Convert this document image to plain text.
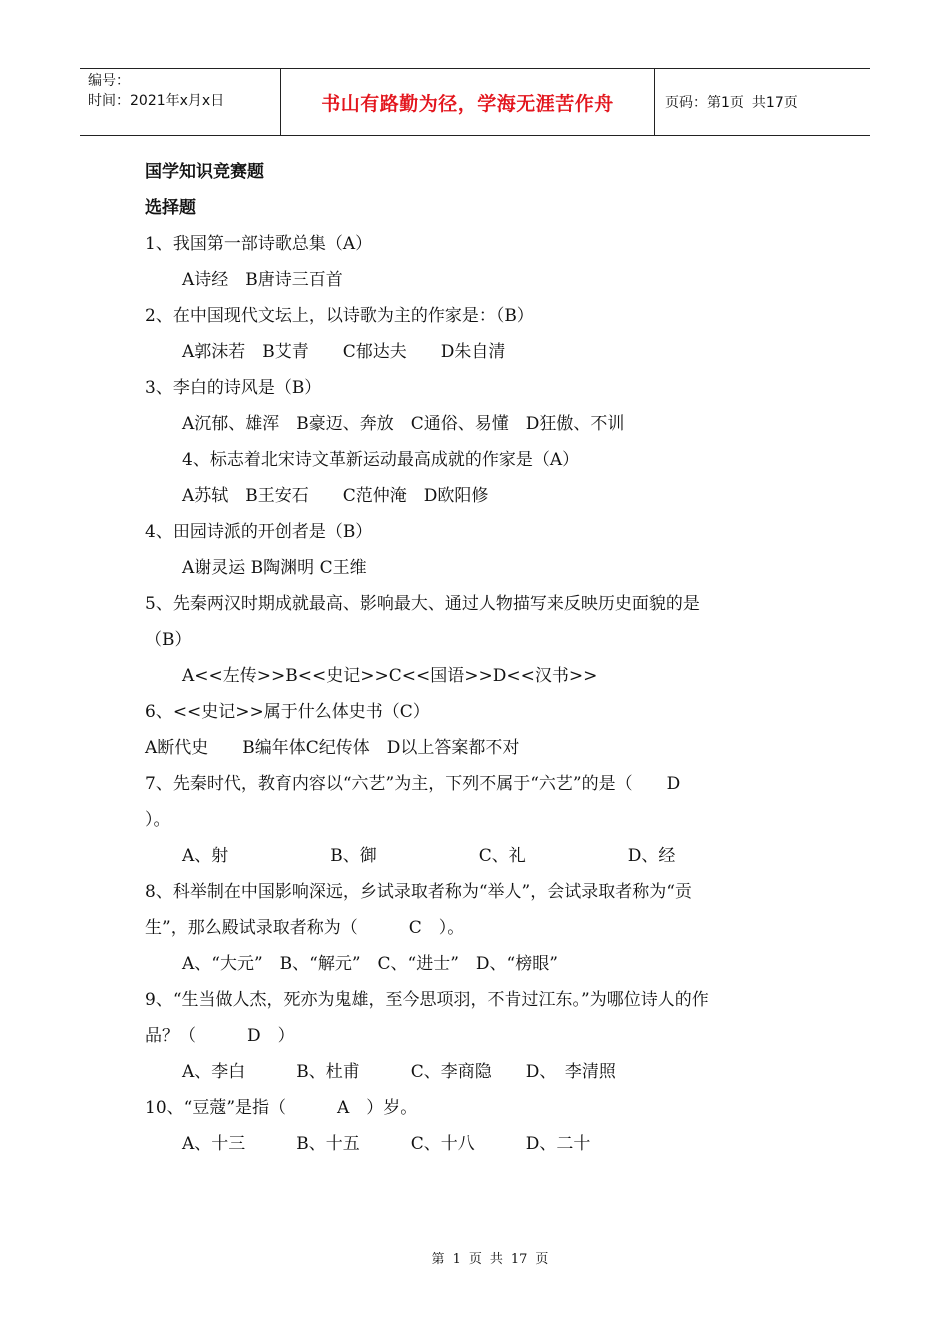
编号：
时间：2021年x月x日	书山有路勤为径，学海无涯苦作舟	页码：第1页 共17页
国学知识竞赛题
选择题
1、我国第一部诗歌总集（A）
A诗经　B唐诗三百首
2、在中国现代文坛上，以诗歌为主的作家是：（B）
A郭沫若　B艾青　　C郁达夫　　D朱自清
3、李白的诗风是（B）
A沉郁、雄浑　B豪迈、奔放　C通俗、易懂　D狂傲、不训
4、标志着北宋诗文革新运动最高成就的作家是（A）
A苏轼　B王安石　　C范仲淹　D欧阳修
4、田园诗派的开创者是（B）
A谢灵运 B陶渊明 C王维
5、先秦两汉时期成就最高、影响最大、通过人物描写来反映历史面貌的是
（B）
A<<左传>>B<<史记>>C<<国语>>D<<汉书>>
6、<<史记>>属于什么体史书（C）
A断代史　　B编年体C纪传体　D以上答案都不对
7、先秦时代，教育内容以“六艺”为主，下列不属于“六艺”的是（　　D
）。
A、射　　　　　　B、御　　　　　　C、礼　　　　　　D、经
8、科举制在中国影响深远，乡试录取者称为“举人”，会试录取者称为“贡
生”，那么殿试录取者称为（　　　C　）。
A、“大元”　B、“解元”　C、“进士”　D、“榜眼”
9、“生当做人杰，死亦为鬼雄，至今思项羽，不肯过江东。”为哪位诗人的作
品？（　　　D　）
A、李白　　　B、杜甫　　　C、李商隐　　D、　李清照
10、“豆蔻”是指（　　　A　）岁。
A、十三　　　B、十五　　　C、十八　　　D、二十
第 1 页 共 17 页
